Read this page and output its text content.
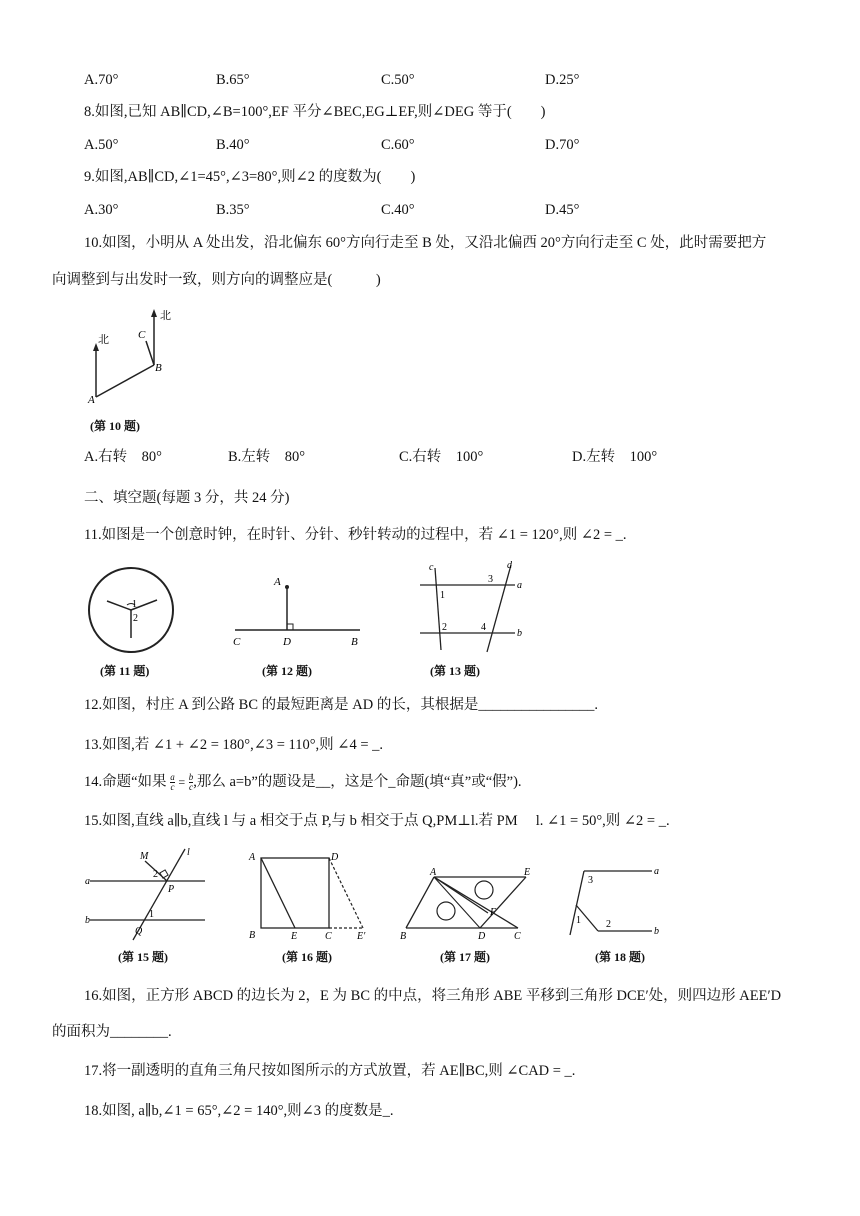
A.70°	B.65°	C.50°	D.25°
8.如图,已知 AB∥CD,∠B=100°,EF 平分∠BEC,EG⊥EF,则∠DEG 等于(　　)
A.50°	B.40°	C.60°	D.70°
9.如图,AB∥CD,∠1=45°,∠3=80°,则∠2 的度数为(　　)
A.30°	B.35°	C.40°	D.45°
10.如图，小明从 A 处出发，沿北偏东 60°方向行走至 B 处，又沿北偏西 20°方向行走至 C 处，此时需要把方
向调整到与出发时一致，则方向的调整应是(　　　)
北
北
C
B
A
(第 10 题)
A.右转　80°	B.左转　80°	C.右转　100°	D.左转　100°
二、填空题(每题 3 分，共 24 分)
11.如图是一个创意时钟，在时针、分针、秒针转动的过程中，若 ∠1 = 120°,则 ∠2 = _.
1
2
(第 11 题)
A
C	D	B
(第 12 题)
c	d
a
b
1
2
3
4
(第 13 题)
12.如图，村庄 A 到公路 BC 的最短距离是 AD 的长，其根据是________________.
13.如图,若 ∠1 + ∠2 = 180°,∠3 = 110°,则 ∠4 = _.
14.命题“如果 $\frac{a}{c} = \frac{b}{c}$ ,那么 a=b”的题设是__，这是个_命题(填“真”或“假”).
15.如图,直线 a∥b,直线 l 与 a 相交于点 P,与 b 相交于点 Q,PM⊥l.若 PM　 l. ∠1 = 50°,则 ∠2 = _.
M	l
a
b
P
Q
2
1
(第 15 题)
A	D
B	E	C	E′
(第 16 题)
A	E
B	D	C
F
(第 17 题)
3
1	2
a
b
(第 18 题)
16.如图，正方形 ABCD 的边长为 2，E 为 BC 的中点，将三角形 ABE 平移到三角形 DCE′处，则四边形 AEE′D
的面积为________.
17.将一副透明的直角三角尺按如图所示的方式放置，若 AE∥BC,则 ∠CAD = _.
18.如图, a∥b,∠1 = 65°,∠2 = 140°,则∠3 的度数是_.
